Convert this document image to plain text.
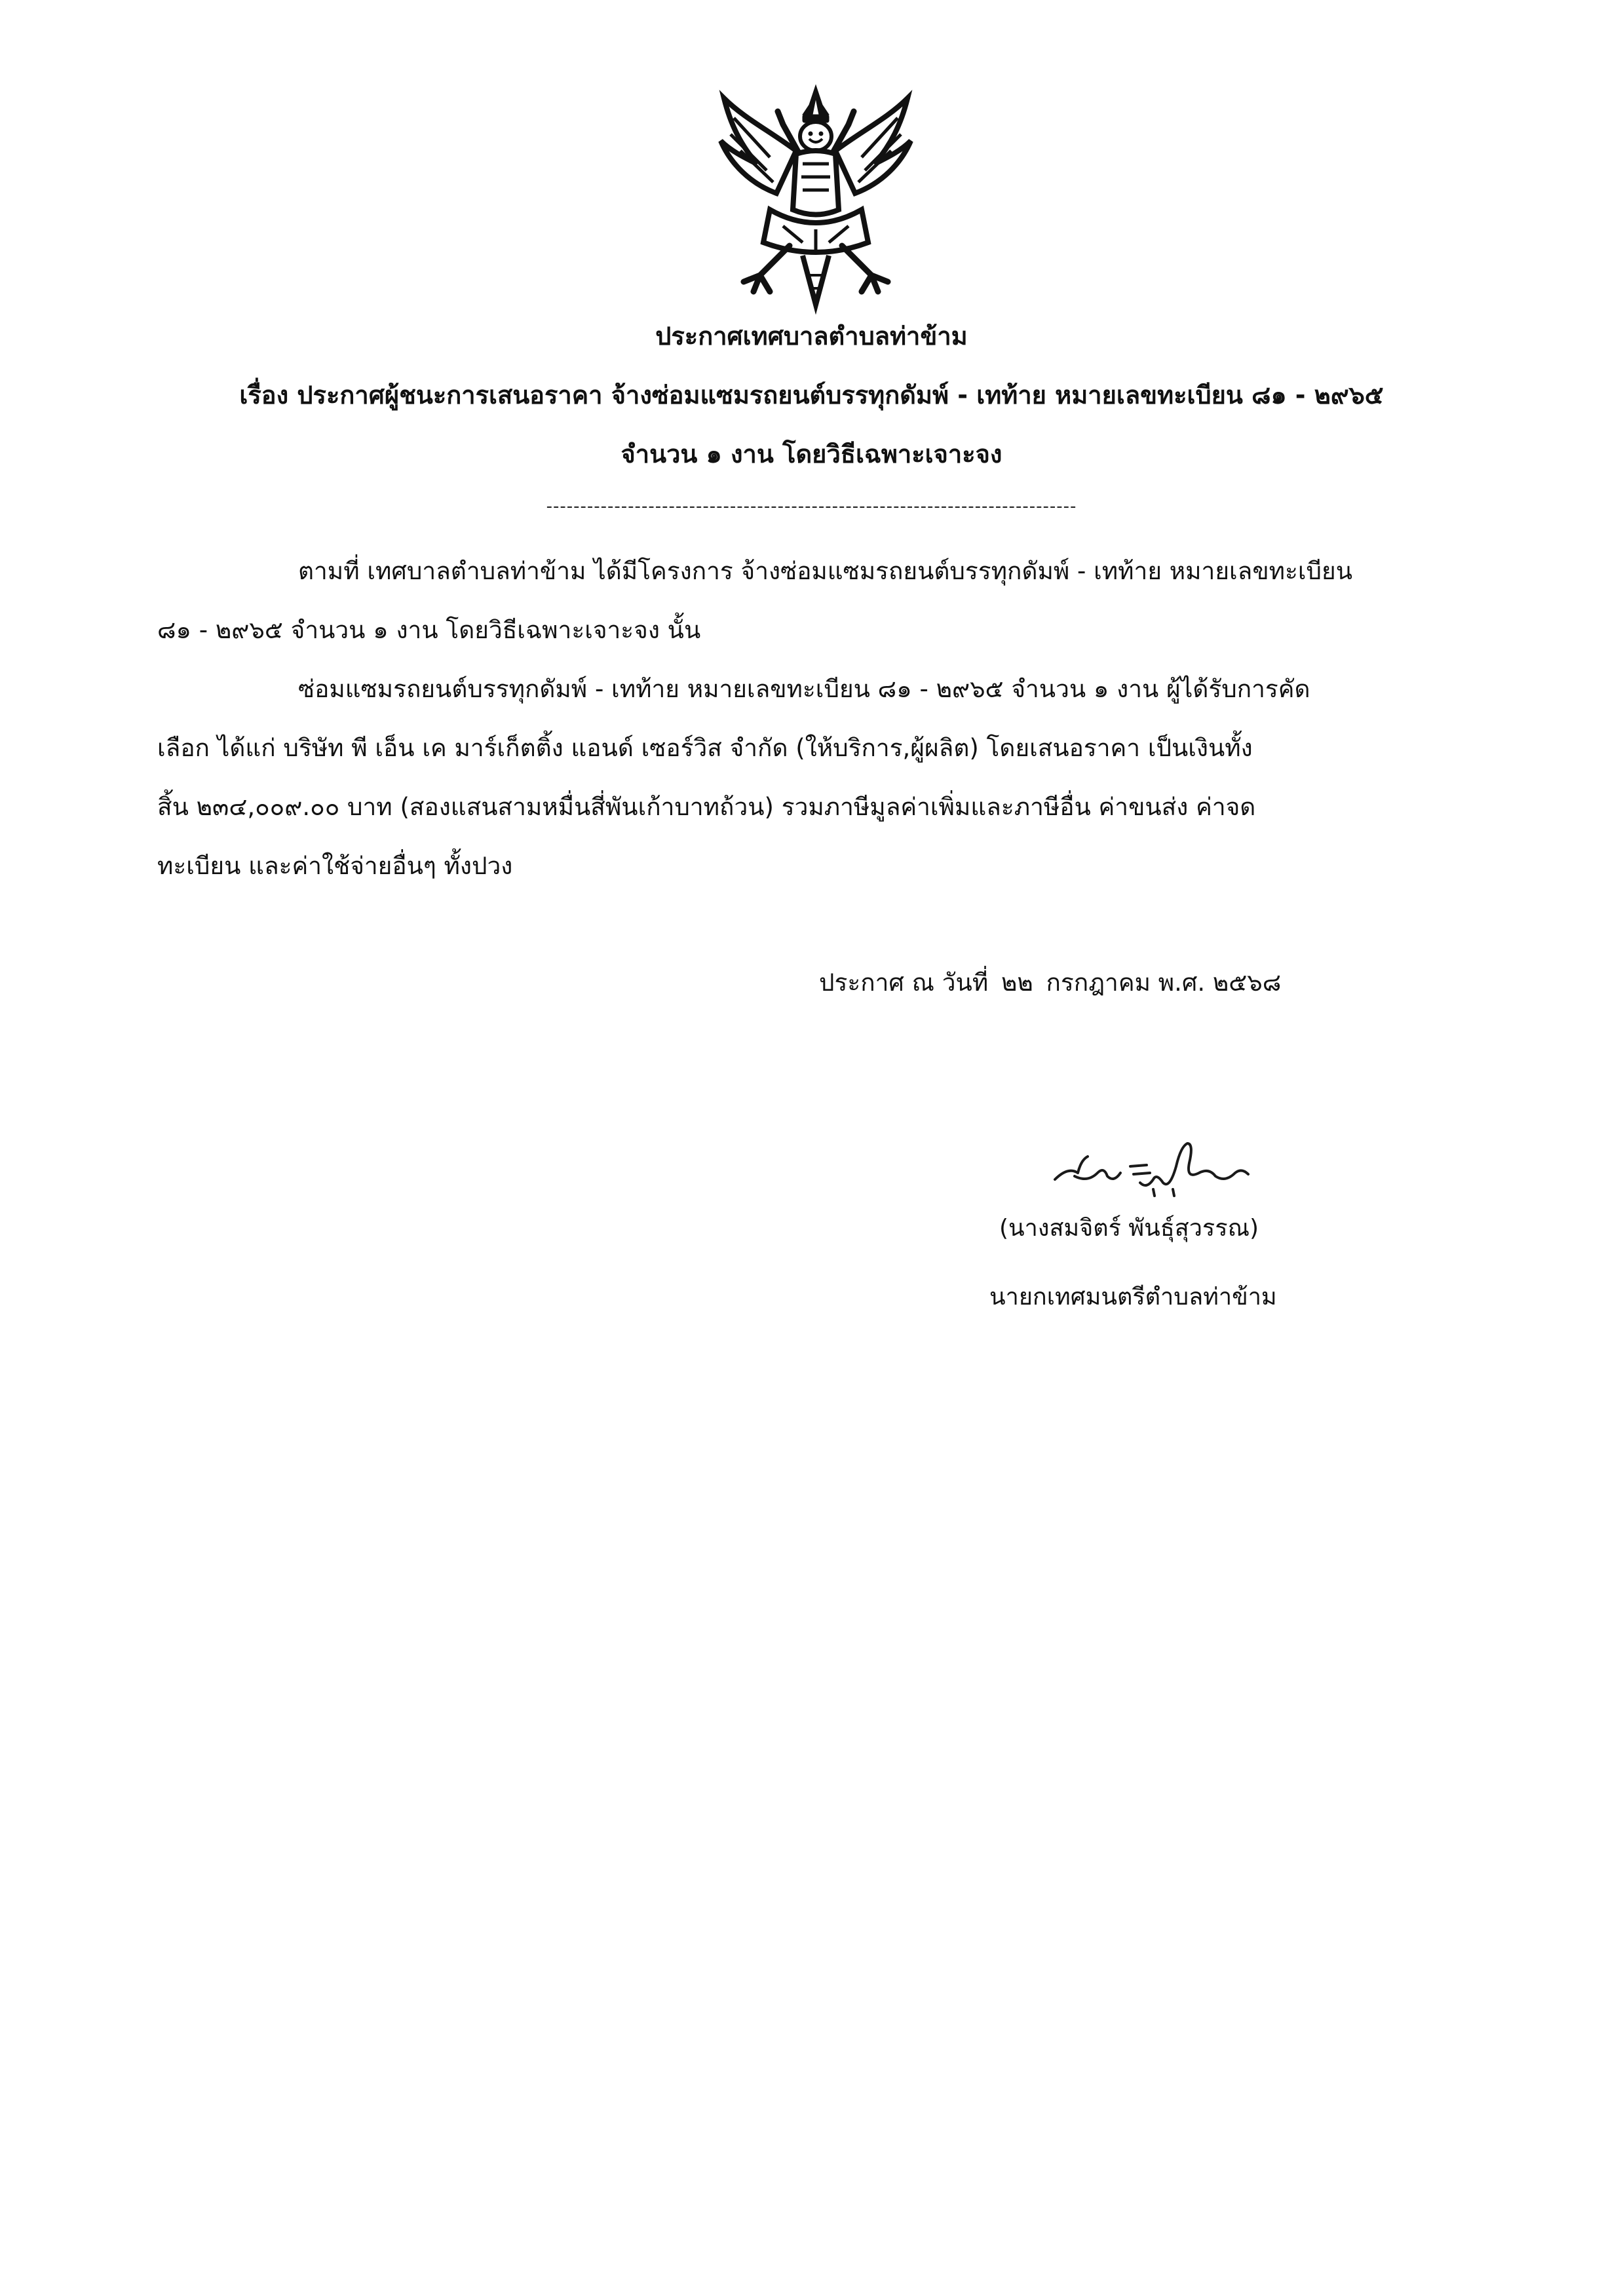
ประกาศเทศบาลตำบลท่าข้าม
เรื่อง ประกาศผู้ชนะการเสนอราคา จ้างซ่อมแซมรถยนต์บรรทุกดัมพ์ - เทท้าย หมายเลขทะเบียน ๘๑ - ๒๙๖๕
จำนวน ๑ งาน โดยวิธีเฉพาะเจาะจง
------------------------------------------------------------------------------
ตามที่ เทศบาลตำบลท่าข้าม ได้มีโครงการ จ้างซ่อมแซมรถยนต์บรรทุกดัมพ์ - เทท้าย หมายเลขทะเบียน
๘๑ - ๒๙๖๕ จำนวน ๑ งาน โดยวิธีเฉพาะเจาะจง นั้น
ซ่อมแซมรถยนต์บรรทุกดัมพ์ - เทท้าย หมายเลขทะเบียน ๘๑ - ๒๙๖๕ จำนวน ๑ งาน ผู้ได้รับการคัด
เลือก ได้แก่ บริษัท พี เอ็น เค มาร์เก็ตติ้ง แอนด์ เซอร์วิส จำกัด (ให้บริการ,ผู้ผลิต) โดยเสนอราคา เป็นเงินทั้ง
สิ้น ๒๓๔,๐๐๙.๐๐ บาท (สองแสนสามหมื่นสี่พันเก้าบาทถ้วน) รวมภาษีมูลค่าเพิ่มและภาษีอื่น ค่าขนส่ง ค่าจด
ทะเบียน และค่าใช้จ่ายอื่นๆ ทั้งปวง
ประกาศ ณ วันที่ ๒๒ กรกฎาคม พ.ศ. ๒๕๖๘
(นางสมจิตร์ พันธุ์สุวรรณ)
นายกเทศมนตรีตำบลท่าข้าม
